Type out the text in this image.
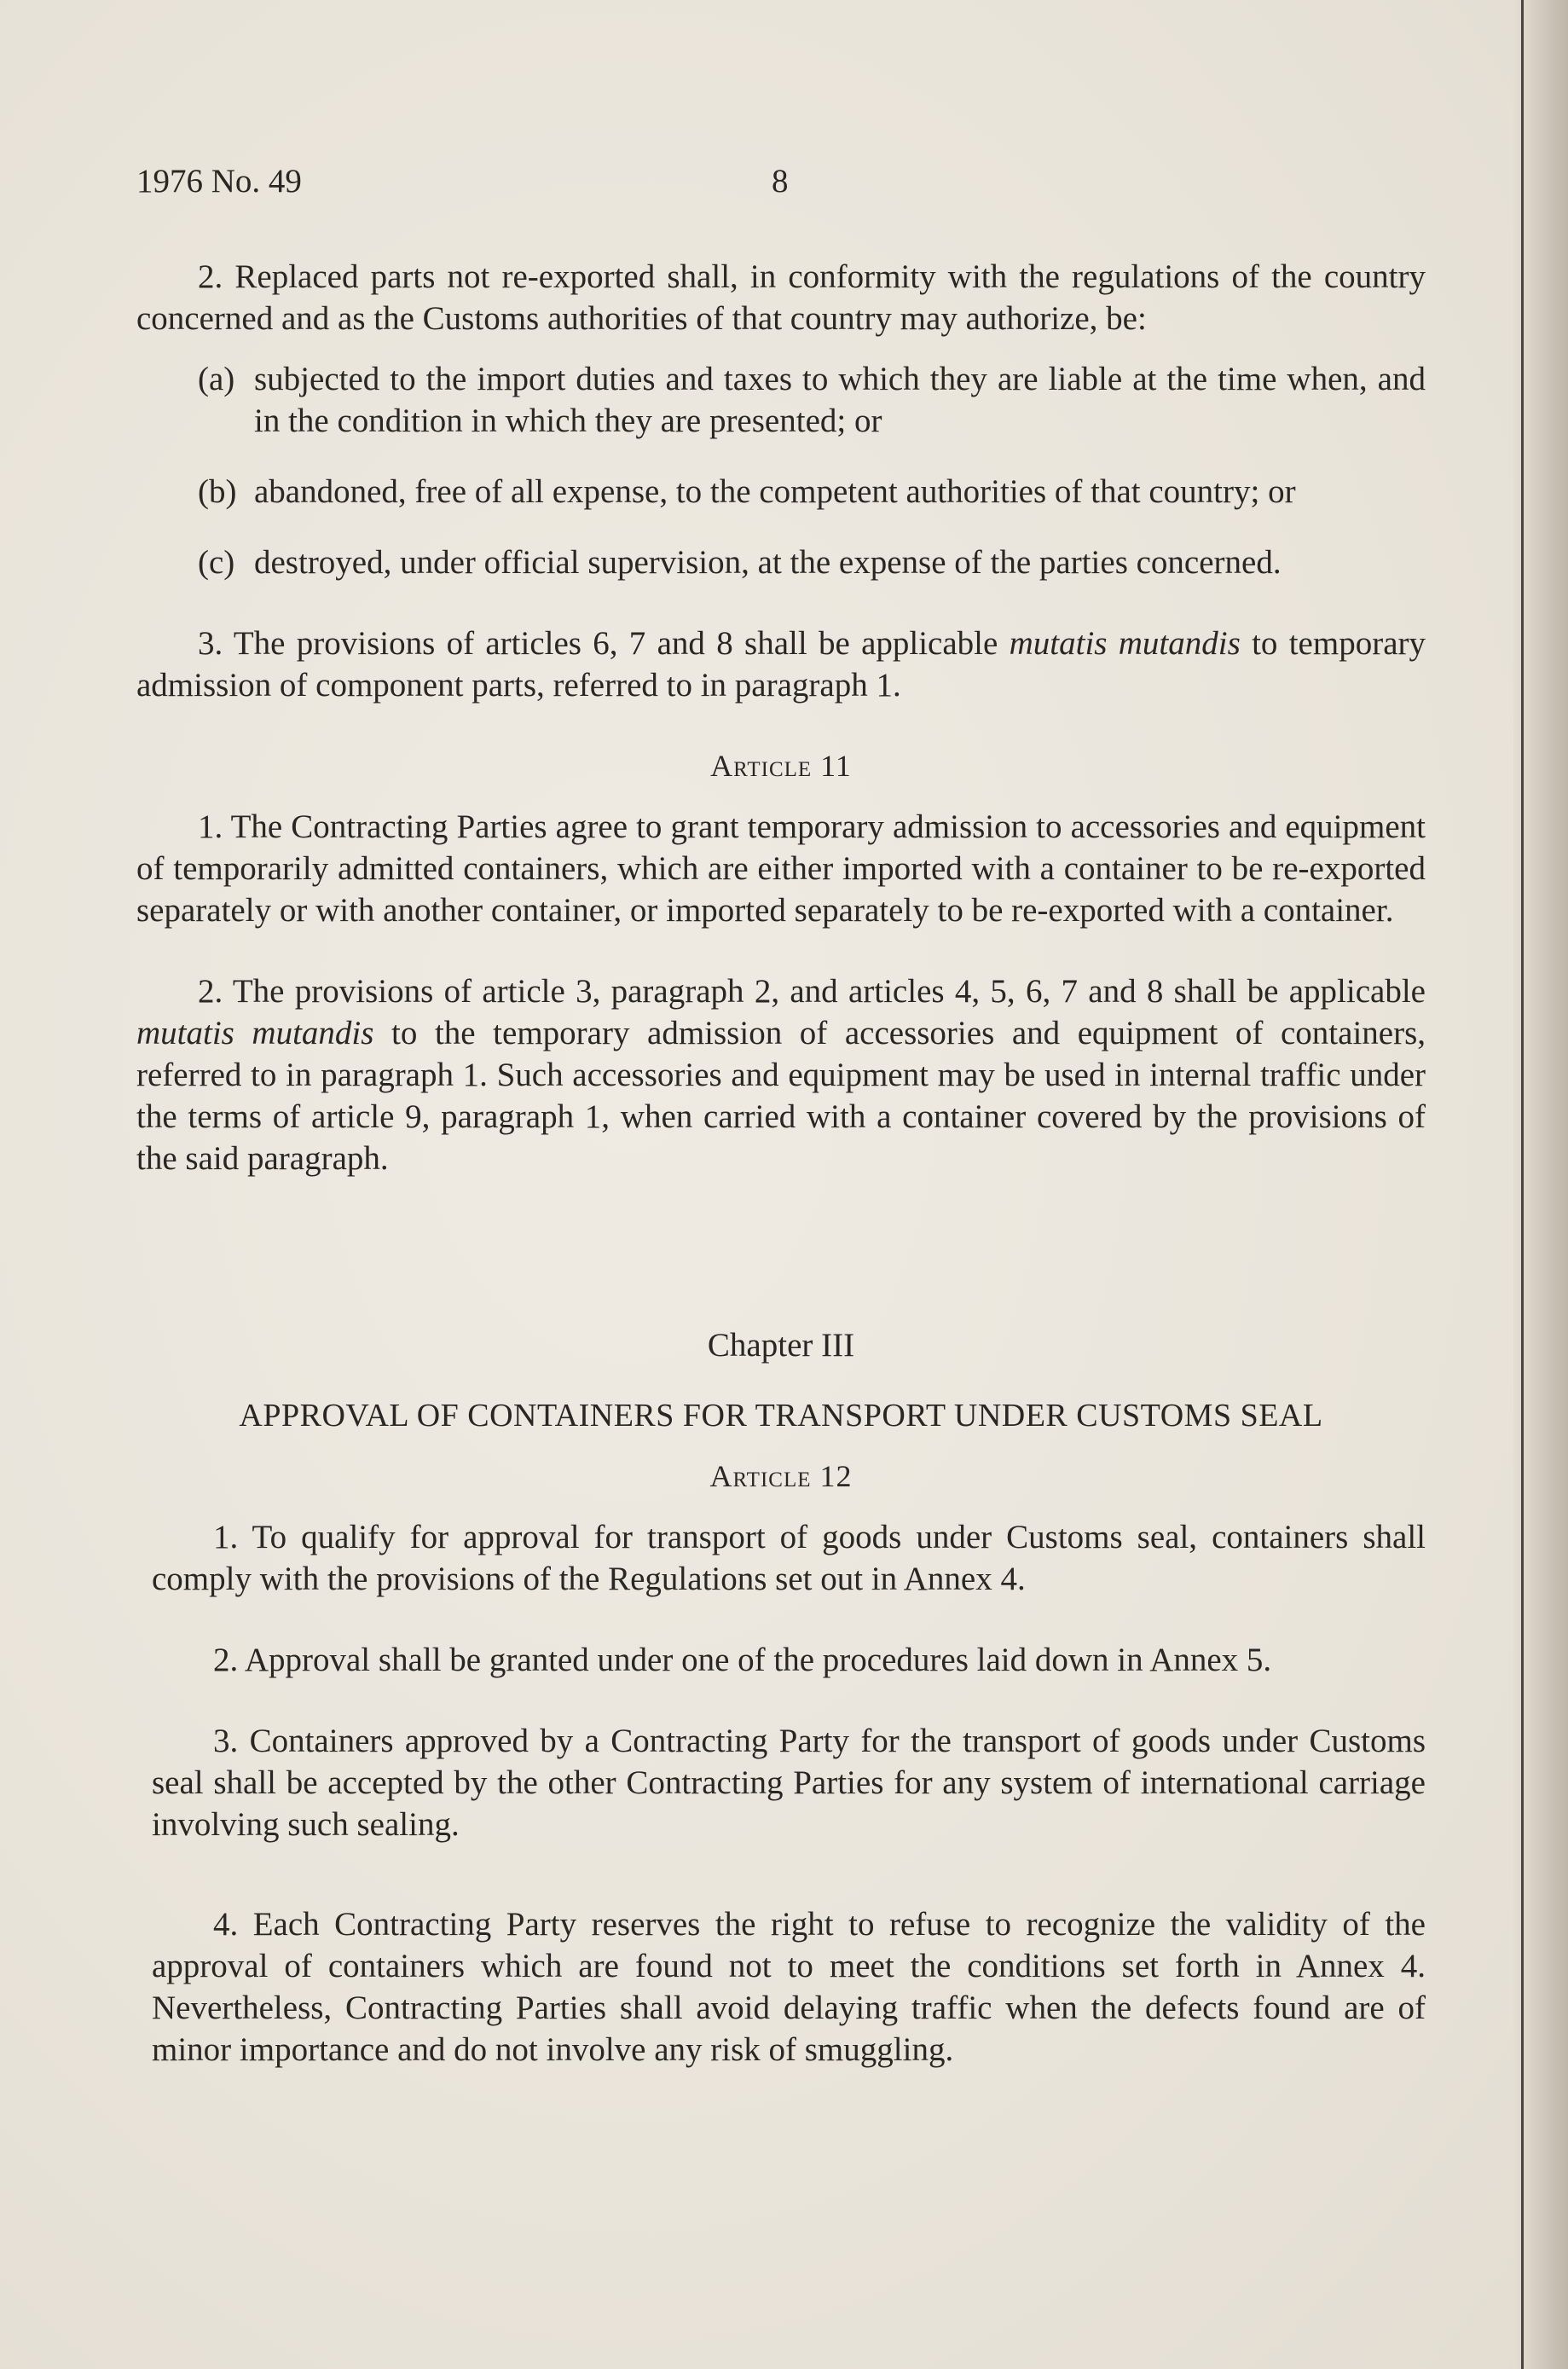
1976 No. 49	8

2. Replaced parts not re-exported shall, in conformity with the regulations of the country concerned and as the Customs authorities of that country may authorize, be:

(a) subjected to the import duties and taxes to which they are liable at the time when, and in the condition in which they are presented; or
(b) abandoned, free of all expense, to the competent authorities of that country; or
(c) destroyed, under official supervision, at the expense of the parties concerned.

3. The provisions of articles 6, 7 and 8 shall be applicable mutatis mutandis to temporary admission of component parts, referred to in paragraph 1.

Article 11

1. The Contracting Parties agree to grant temporary admission to accessories and equipment of temporarily admitted containers, which are either imported with a container to be re-exported separately or with another container, or imported separately to be re-exported with a container.

2. The provisions of article 3, paragraph 2, and articles 4, 5, 6, 7 and 8 shall be applicable mutatis mutandis to the temporary admission of accessories and equipment of containers, referred to in paragraph 1. Such accessories and equipment may be used in internal traffic under the terms of article 9, paragraph 1, when carried with a container covered by the provisions of the said paragraph.

Chapter III

APPROVAL OF CONTAINERS FOR TRANSPORT UNDER CUSTOMS SEAL

Article 12

1. To qualify for approval for transport of goods under Customs seal, containers shall comply with the provisions of the Regulations set out in Annex 4.

2. Approval shall be granted under one of the procedures laid down in Annex 5.

3. Containers approved by a Contracting Party for the transport of goods under Customs seal shall be accepted by the other Contracting Parties for any system of international carriage involving such sealing.

4. Each Contracting Party reserves the right to refuse to recognize the validity of the approval of containers which are found not to meet the conditions set forth in Annex 4. Nevertheless, Contracting Parties shall avoid delaying traffic when the defects found are of minor importance and do not involve any risk of smuggling.
